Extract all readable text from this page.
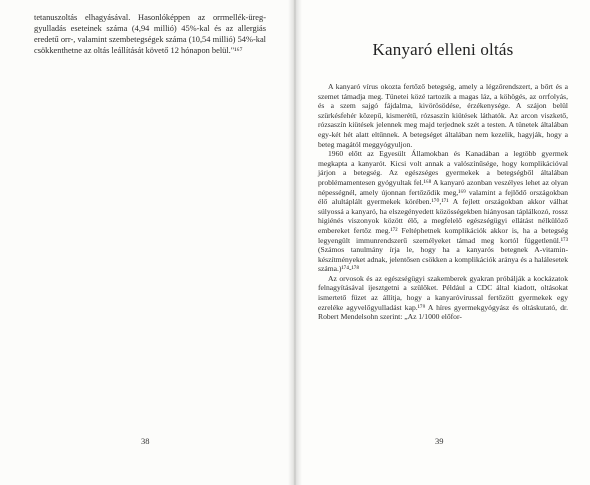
tetanuszoltás elhagyásával. Hasonlóképpen az orrmellék-üreg-gyulladás eseteinek száma (4,94 millió) 45%-kal és az allergiás eredetű orr-, valamint szembetegségek száma (10,54 millió) 54%-kal csökkenthetne az oltás leállítását követő 12 hónapon belül."¹⁶⁷	Kanyaró elleni oltás

A kanyaró vírus okozta fertőző betegség, amely a légzőrendszert, a bőrt és a szemet támadja meg. Tünetei közé tartozik a magas láz, a köhögés, az orrfolyás, és a szem sajgó fájdalma, kivörösödése, érzékenysége. A szájon belül szürkésfehér közepű, kismerétű, rózsaszín kiütések láthatók. Az arcon viszkető, rózsaszín kiütések jelennek meg majd terjednek szét a testen. A tünetek általában egy-két hét alatt eltűnnek. A betegséget általában nem kezelik, hagyják, hogy a beteg magától meggyógyuljon.

1960 előtt az Egyesült Államokban és Kanadában a legtöbb gyermek megkapta a kanyarót. Kicsi volt annak a valószínűsége, hogy komplikációval járjon a betegség. Az egészséges gyermekek a betegségből általában problémamentesen gyógyultak fel.¹⁶⁸ A kanyaró azonban veszélyes lehet az olyan népességnél, amely újonnan fertőződik meg,¹⁶⁹ valamint a fejlődő országokban élő alultáplált gyermekek körében.¹⁷⁰,¹⁷¹ A fejlett országokban akkor válhat súlyossá a kanyaró, ha elszegényedett közösségekben hiányosan táplálkozó, rossz higiénés viszonyok között élő, a megfelelő egészségügyi ellátást nélkülöző embereket fertőz meg.¹⁷² Feltéphetnek komplikációk akkor is, ha a betegség legyengült immunrendszerű személyeket támad meg kortól függetlenül.¹⁷³ (Számos tanulmány írja le, hogy ha a kanyarós betegnek A-vitamin-készítményeket adnak, jelentősen csökken a komplikációk aránya és a halálesetek száma.)¹⁷⁴-¹⁷⁸

Az orvosok és az egészségügyi szakemberek gyakran próbálják a kockázatok felnagyításával ijesztgetni a szülőket. Például a CDC által kiadott, oltásokat ismertető füzet az állítja, hogy a kanyaróvírussal fertőzött gyermekek egy ezreléke agyvelőgyulladást kap.¹⁷⁹ A híres gyermekgyógyász és oltáskutató, dr. Robert Mendelsohn szerint: „Az 1/1000 előfor-

38	39
